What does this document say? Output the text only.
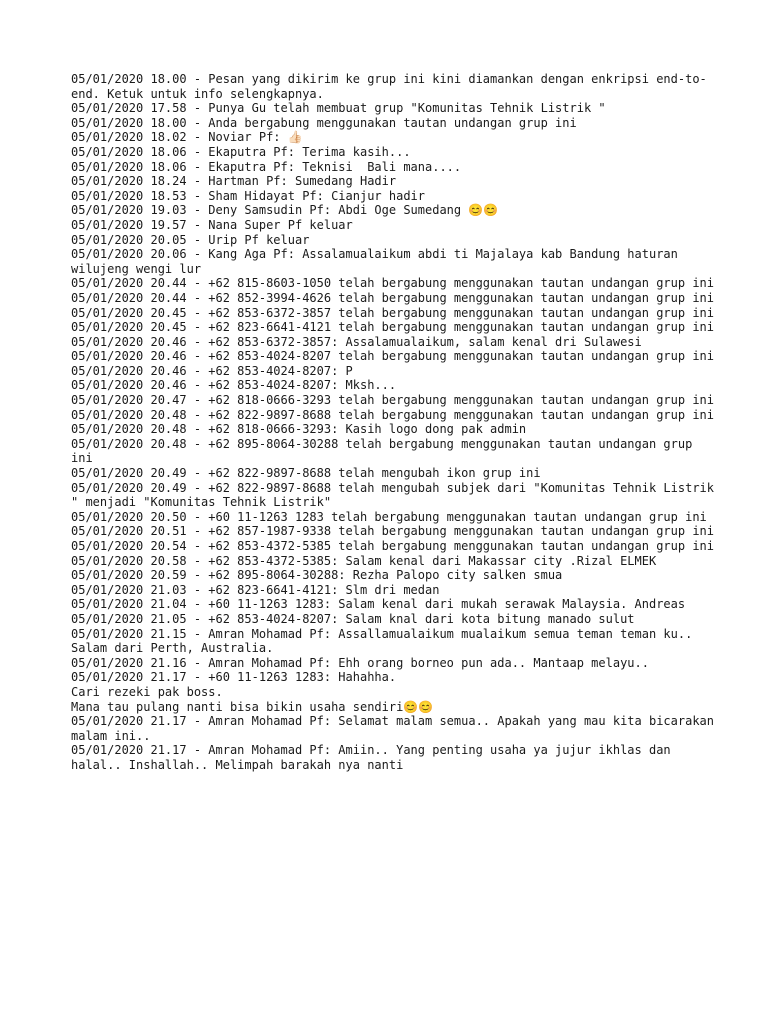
05/01/2020 18.00 - Pesan yang dikirim ke grup ini kini diamankan dengan enkripsi end-to-end. Ketuk untuk info selengkapnya.

05/01/2020 17.58 - Punya Gu telah membuat grup "Komunitas Tehnik Listrik "

05/01/2020 18.00 - Anda bergabung menggunakan tautan undangan grup ini

05/01/2020 18.02 - Noviar Pf: 👍🏻

05/01/2020 18.06 - Ekaputra Pf: Terima kasih...

05/01/2020 18.06 - Ekaputra Pf: Teknisi  Bali mana....

05/01/2020 18.24 - Hartman Pf: Sumedang Hadir

05/01/2020 18.53 - Sham Hidayat Pf: Cianjur hadir

05/01/2020 19.03 - Deny Samsudin Pf: Abdi Oge Sumedang 😊😊

05/01/2020 19.57 - Nana Super Pf keluar

05/01/2020 20.05 - Urip Pf keluar

05/01/2020 20.06 - Kang Aga Pf: Assalamualaikum abdi ti Majalaya kab Bandung haturan wilujeng wengi lur

05/01/2020 20.44 - +62 815-8603-1050 telah bergabung menggunakan tautan undangan grup ini

05/01/2020 20.44 - +62 852-3994-4626 telah bergabung menggunakan tautan undangan grup ini

05/01/2020 20.45 - +62 853-6372-3857 telah bergabung menggunakan tautan undangan grup ini

05/01/2020 20.45 - +62 823-6641-4121 telah bergabung menggunakan tautan undangan grup ini

05/01/2020 20.46 - +62 853-6372-3857: Assalamualaikum, salam kenal dri Sulawesi

05/01/2020 20.46 - +62 853-4024-8207 telah bergabung menggunakan tautan undangan grup ini

05/01/2020 20.46 - +62 853-4024-8207: P

05/01/2020 20.46 - +62 853-4024-8207: Mksh...

05/01/2020 20.47 - +62 818-0666-3293 telah bergabung menggunakan tautan undangan grup ini

05/01/2020 20.48 - +62 822-9897-8688 telah bergabung menggunakan tautan undangan grup ini

05/01/2020 20.48 - +62 818-0666-3293: Kasih logo dong pak admin

05/01/2020 20.48 - +62 895-8064-30288 telah bergabung menggunakan tautan undangan grup ini

05/01/2020 20.49 - +62 822-9897-8688 telah mengubah ikon grup ini

05/01/2020 20.49 - +62 822-9897-8688 telah mengubah subjek dari "Komunitas Tehnik Listrik " menjadi "Komunitas Tehnik Listrik"

05/01/2020 20.50 - +60 11-1263 1283 telah bergabung menggunakan tautan undangan grup ini

05/01/2020 20.51 - +62 857-1987-9338 telah bergabung menggunakan tautan undangan grup ini

05/01/2020 20.54 - +62 853-4372-5385 telah bergabung menggunakan tautan undangan grup ini

05/01/2020 20.58 - +62 853-4372-5385: Salam kenal dari Makassar city .Rizal ELMEK

05/01/2020 20.59 - +62 895-8064-30288: Rezha Palopo city salken smua

05/01/2020 21.03 - +62 823-6641-4121: Slm dri medan

05/01/2020 21.04 - +60 11-1263 1283: Salam kenal dari mukah serawak Malaysia. Andreas

05/01/2020 21.05 - +62 853-4024-8207: Salam knal dari kota bitung manado sulut

05/01/2020 21.15 - Amran Mohamad Pf: Assallamualaikum mualaikum semua teman teman ku.. Salam dari Perth, Australia.

05/01/2020 21.16 - Amran Mohamad Pf: Ehh orang borneo pun ada.. Mantaap melayu..

05/01/2020 21.17 - +60 11-1263 1283: Hahahha.
Cari rezeki pak boss.
Mana tau pulang nanti bisa bikin usaha sendiri😊😊

05/01/2020 21.17 - Amran Mohamad Pf: Selamat malam semua.. Apakah yang mau kita bicarakan malam ini..

05/01/2020 21.17 - Amran Mohamad Pf: Amiin.. Yang penting usaha ya jujur ikhlas dan halal.. Inshallah.. Melimpah barakah nya nanti
